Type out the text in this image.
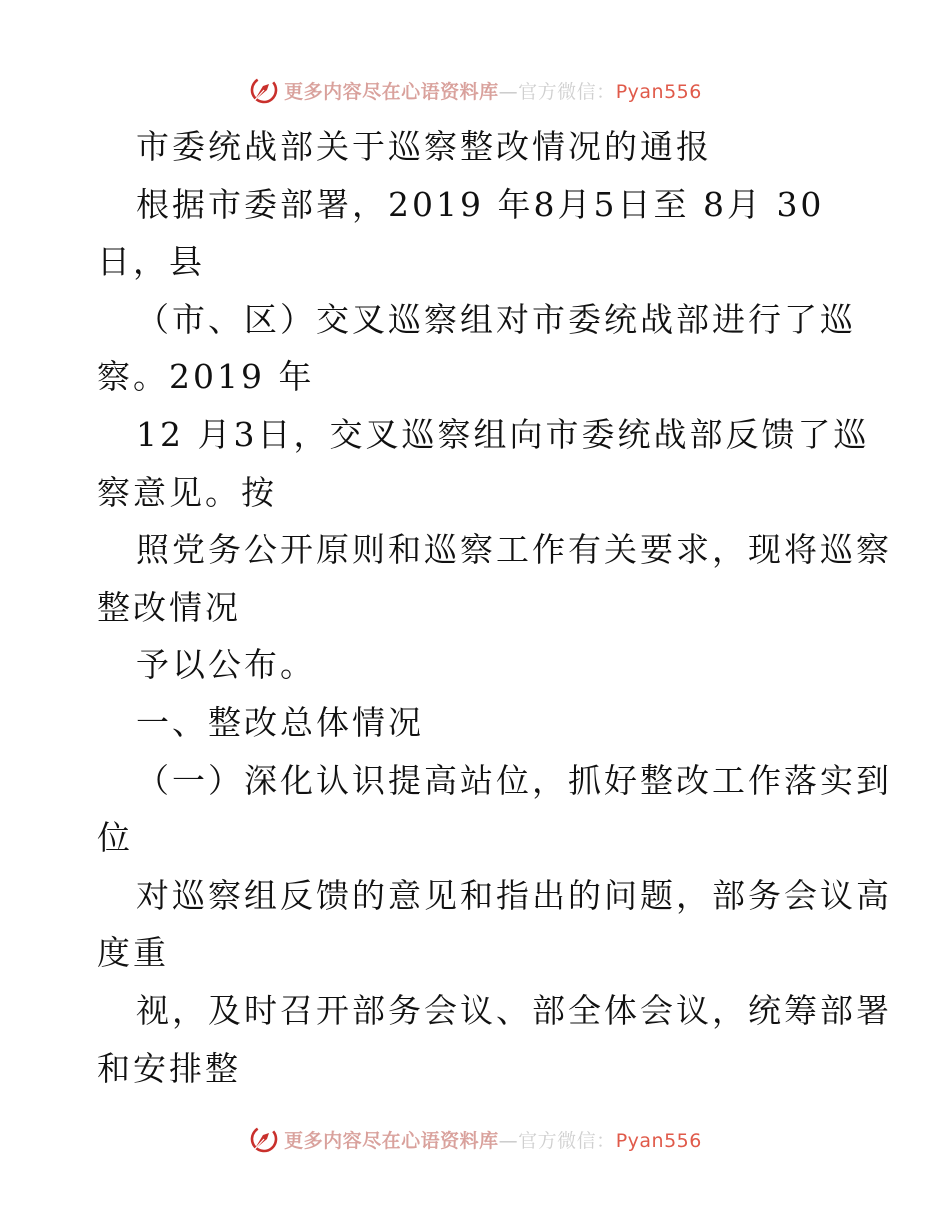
更多内容尽在心语资料库—官方微信：Pyan556
市委统战部关于巡察整改情况的通报
根据市委部署，2019 年8月5日至 8月 30
日，县
（市、区）交叉巡察组对市委统战部进行了巡
察。2019 年
12 月3日，交叉巡察组向市委统战部反馈了巡
察意见。按
照党务公开原则和巡察工作有关要求，现将巡察
整改情况
予以公布。
一、整改总体情况
（一）深化认识提高站位，抓好整改工作落实到
位
对巡察组反馈的意见和指出的问题，部务会议高
度重
视，及时召开部务会议、部全体会议，统筹部署
和安排整
更多内容尽在心语资料库—官方微信：Pyan556
